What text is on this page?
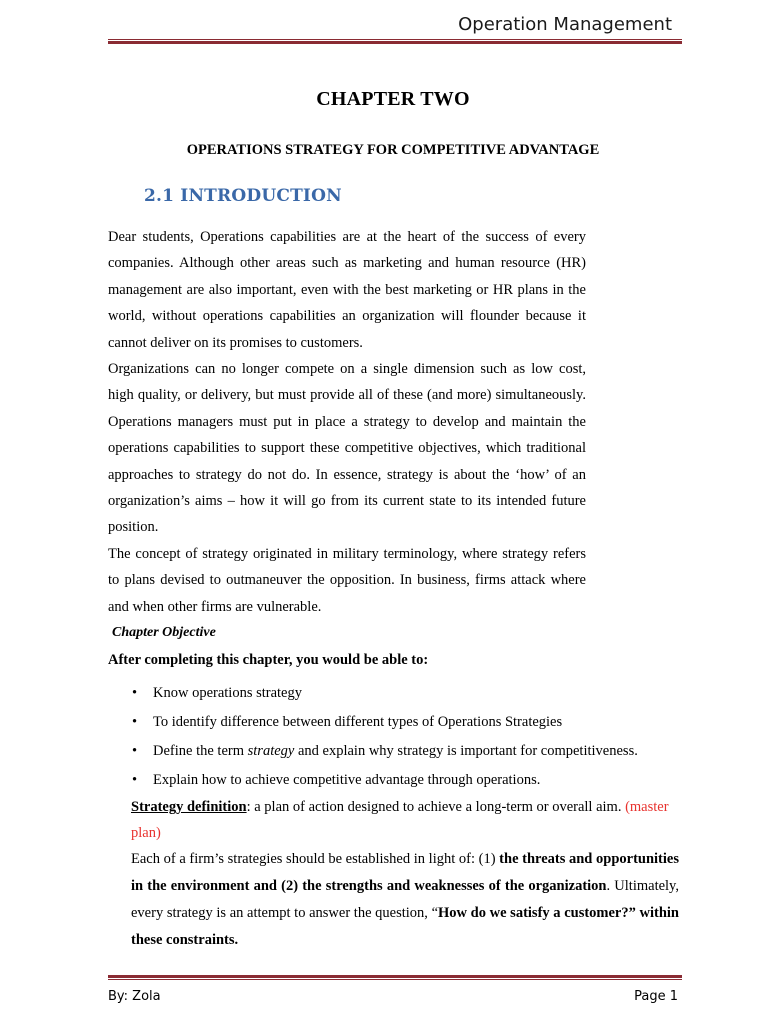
Operation Management
CHAPTER TWO
OPERATIONS STRATEGY FOR COMPETITIVE ADVANTAGE
2.1 INTRODUCTION

Dear students, Operations capabilities are at the heart of the success of every companies. Although other areas such as marketing and human resource (HR) management are also important, even with the best marketing or HR plans in the world, without operations capabilities an organization will flounder because it cannot deliver on its promises to customers.

Organizations can no longer compete on a single dimension such as low cost, high quality, or delivery, but must provide all of these (and more) simultaneously. Operations managers must put in place a strategy to develop and maintain the operations capabilities to support these competitive objectives, which traditional approaches to strategy do not do. In essence, strategy is about the ‘how’ of an organization’s aims – how it will go from its current state to its intended future position.

The concept of strategy originated in military terminology, where strategy refers to plans devised to outmaneuver the opposition. In business, firms attack where and when other firms are vulnerable.

Chapter Objective
After completing this chapter, you would be able to:
• Know operations strategy
• To identify difference between different types of Operations Strategies
• Define the term strategy and explain why strategy is important for competitiveness.
• Explain how to achieve competitive advantage through operations.
Strategy definition: a plan of action designed to achieve a long-term or overall aim. (master plan)
Each of a firm’s strategies should be established in light of: (1) the threats and opportunities in the environment and (2) the strengths and weaknesses of the organization. Ultimately, every strategy is an attempt to answer the question, “How do we satisfy a customer?” within these constraints.
By: Zola	Page 1
